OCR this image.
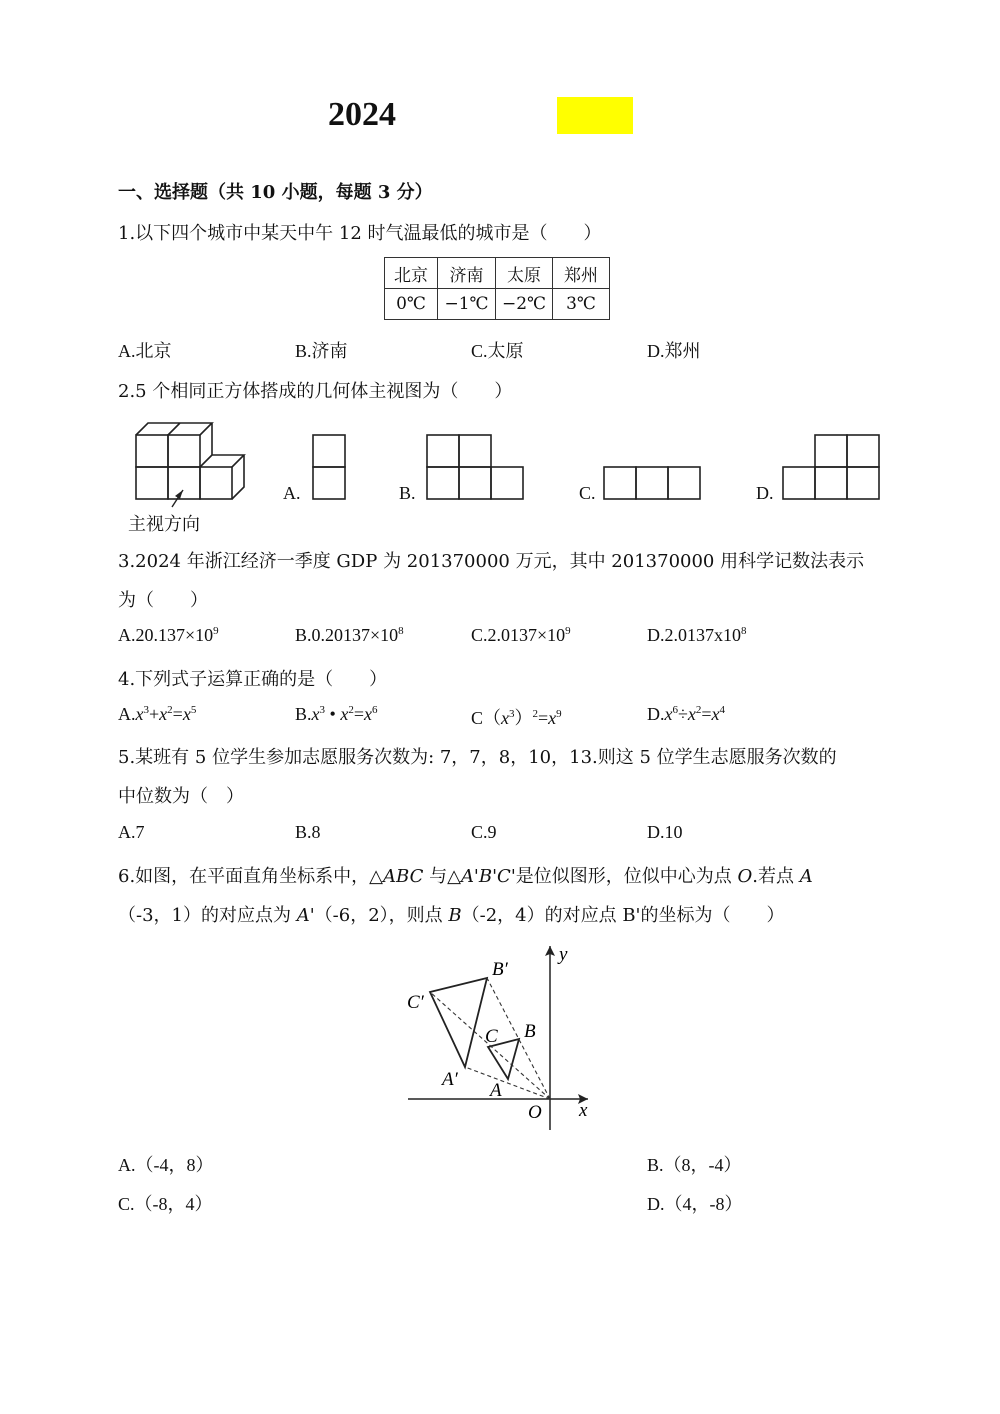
2024
一、选择题（共 10 小题，每题 3 分）
1.以下四个城市中某天中午 12 时气温最低的城市是（　　）
北京	济南	太原	郑州
0℃	−1℃	−2℃	3℃
A.北京	B.济南	C.太原	D.郑州
2.5 个相同正方体搭成的几何体主视图为（　　）
主视方向
A.	B.	C.	D.
3.2024 年浙江经济一季度 GDP 为 201370000 万元，其中 201370000 用科学记数法表示
为（　　）
$A.20.137\times 10^9$	$B.0.20137\times 10^8$	$C.2.0137\times 10^9$	$D.2.0137x10^8$
4.下列式子运算正确的是（　　）
$A.x^3+x^2=x^5$	$B.x^3$ • $x^2=x^6$	$C(x^3)^2=x^9$	$D.x^6\div x^2=x^4$
5.某班有 5 位学生参加志愿服务次数为: 7，7，8，10，13.则这 5 位学生志愿服务次数的
中位数为（　）
A.7	B.8	C.9	D.10
6.如图，在平面直角坐标系中，△ABC 与△A'B'C'是位似图形，位似中心为点 O.若点 A
（-3，1）的对应点为 A'（-6，2），则点 B（-2，4）的对应点 B'的坐标为（　　）
C′
B′
A′
C B
A
O x
y
A.（-4，8）	B.（8，-4）
C.（-8，4）	D.（4，-8）
